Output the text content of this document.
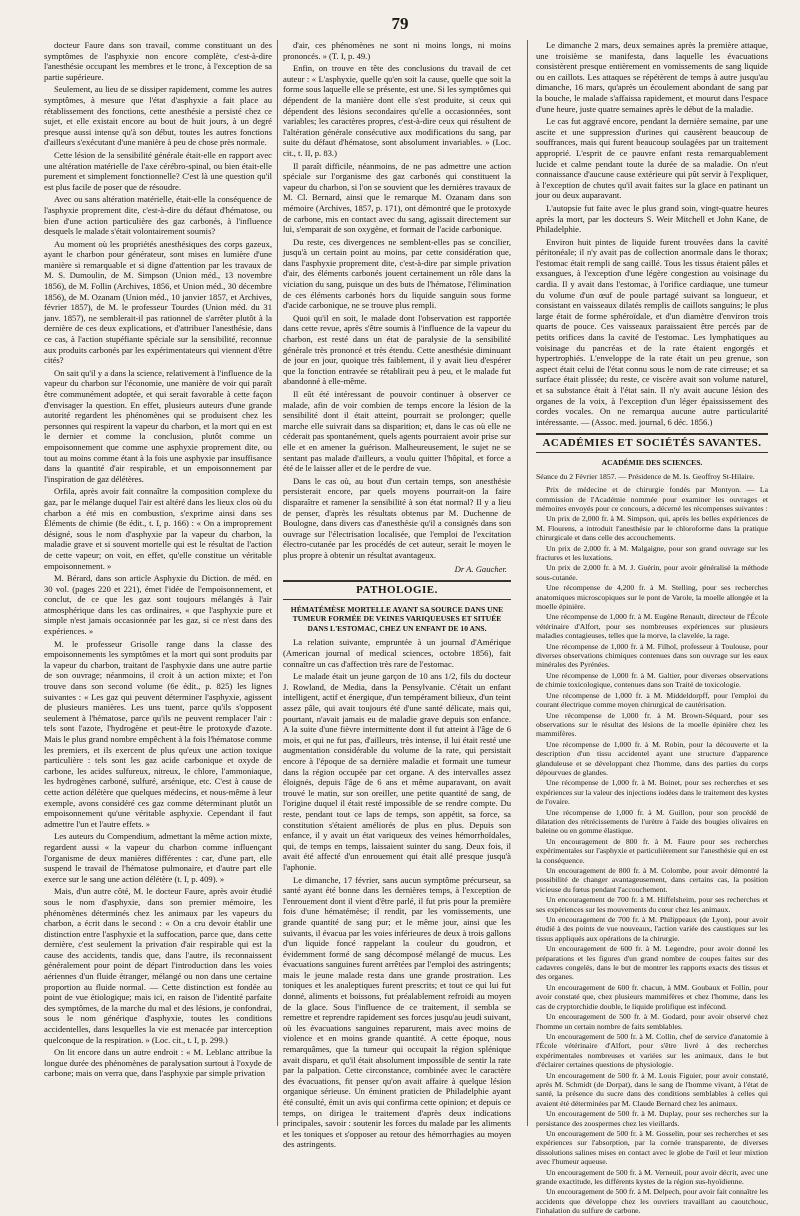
79

docteur Faure dans son travail, comme constituant un des symptômes de l'asphyxie non encore complète, c'est-à-dire l'anesthésie occupant les membres et le tronc, à l'exception de sa partie supérieure.

Seulement, au lieu de se dissiper rapidement, comme les autres symptômes, à mesure que l'état d'asphyxie a fait place au rétablissement des fonctions, cette anesthésie a persisté chez ce sujet, et elle existait encore au bout de huit jours, à un degré presque aussi intense qu'à son début, toutes les autres fonctions d'ailleurs s'exécutant d'une manière à peu de chose près normale.

Cette lésion de la sensibilité générale était-elle en rapport avec une altération matérielle de l'axe cérébro-spinal, ou bien était-elle purement et simplement fonctionnelle? C'est là une question qu'il est plus facile de poser que de résoudre.

Avec ou sans altération matérielle, était-elle la conséquence de l'asphyxie proprement dite, c'est-à-dire du défaut d'hématose, ou bien d'une action particulière des gaz carbonés, à l'influence desquels le malade s'était volontairement soumis?

Au moment où les propriétés anesthésiques des corps gazeux, ayant le charbon pour générateur, sont mises en lumière d'une manière si remarquable et si digne d'attention par les travaux de M. S. Dumoulin, de M. Simpson (Union méd., 13 novembre 1856), de M. Follin (Archives, 1856, et Union méd., 30 décembre 1856), de M. Ozanam (Union méd., 10 janvier 1857, et Archives, février 1857), de M. le professeur Tourdes (Union méd. du 31 janv. 1857), ne semblerait-il pas rationnel de s'arrêter plutôt à la dernière de ces deux explications, et d'attribuer l'anesthésie, dans ce cas, à l'action stupéfiante spéciale sur la sensibilité, reconnue aux produits carbonés par les expérimentateurs qui viennent d'être cités?

On sait qu'il y a dans la science, relativement à l'influence de la vapeur du charbon sur l'économie, une manière de voir qui paraît être communément adoptée, et qui serait favorable à cette façon d'envisager la question. En effet, plusieurs auteurs d'une grande autorité regardent les phénomènes qui se produisent chez les personnes qui respirent la vapeur du charbon, et la mort qui en est le dernier et comme la conclusion, plutôt comme un empoisonnement que comme une asphyxie proprement dite, ou tout au moins comme étant à la fois une asphyxie par insuffisance dans la quantité d'air respirable, et un empoisonnement par l'inspiration de gaz délétères.

Orfila, après avoir fait connaître la composition complexe du gaz, par le mélange duquel l'air est altéré dans les lieux clos où du charbon a été mis en combustion, s'exprime ainsi dans ses Éléments de chimie (8e édit., t. I, p. 166) : « On a improprement désigné, sous le nom d'asphyxie par la vapeur du charbon, la maladie grave et si souvent mortelle qui est le résultat de l'action de cette vapeur; on voit, en effet, qu'elle constitue un véritable empoisonnement. »

M. Bérard, dans son article Asphyxie du Diction. de méd. en 30 vol. (pages 220 et 221), émet l'idée de l'empoisonnement, et conclut, de ce que les gaz sont toujours mélangés à l'air atmosphérique dans les cas ordinaires, « que l'asphyxie pure et simple n'est jamais occasionnée par les gaz, si ce n'est dans des expériences. »

M. le professeur Grisolle range dans la classe des empoisonnements les symptômes et la mort qui sont produits par la vapeur du charbon, traitant de l'asphyxie dans une autre partie de son ouvrage; néanmoins, il croit à un action mixte; et l'on trouve dans son second volume (6e édit., p. 825) les lignes suivantes : « Les gaz qui peuvent déterminer l'asphyxie, agissent de plusieurs manières. Les uns tuent, parce qu'ils s'opposent seulement à l'hématose, parce qu'ils ne peuvent remplacer l'air : tels sont l'azote, l'hydrogène et peut-être le protoxyde d'azote. Mais le plus grand nombre empêchent à la fois l'hématose comme les premiers, et ils exercent de plus qu'eux une action toxique particulière : tels sont les gaz acide carbonique et oxyde de carbone, les acides sulfureux, nitreux, le chlore, l'ammoniaque, les hydrogènes carboné, sulfuré, arsénique, etc. C'est à cause de cette action délétère que quelques médecins, et nous-même à leur exemple, avons considéré ces gaz comme déterminant plutôt un empoisonnement qu'une véritable asphyxie. Cependant il faut admettre l'un et l'autre effets. »

Les auteurs du Compendium, admettant la même action mixte, regardent aussi « la vapeur du charbon comme influençant l'organisme de deux manières différentes : car, d'une part, elle suspend le travail de l'hématose pulmonaire, et d'autre part elle exerce sur le sang une action délétère (t. I, p. 409). »

Mais, d'un autre côté, M. le docteur Faure, après avoir étudié sous le nom d'asphyxie, dans son premier mémoire, les phénomènes déterminés chez les animaux par les vapeurs du charbon, a écrit dans le second : « On a cru devoir établir une distinction entre l'asphyxie et la suffocation, parce que, dans cette dernière, c'est seulement la privation d'air respirable qui est la cause des accidents, tandis que, dans l'autre, ils reconnaissent généralement pour point de départ l'introduction dans les voies aériennes d'un fluide étranger, mélangé ou non dans une certaine proportion au fluide normal. — Cette distinction est fondée au point de vue étiologique; mais ici, en raison de l'identité parfaite des symptômes, de la marche du mal et des lésions, je confondrai, sous le nom générique d'asphyxie, toutes les conditions accidentelles, dans lesquelles la vie est menacée par interception quelconque de la respiration. » (Loc. cit., t. I, p. 299.)

On lit encore dans un autre endroit : « M. Leblanc attribue la longue durée des phénomènes de paralysation surtout à l'oxyde de carbone; mais on verra que, dans l'asphyxie par simple privation

d'air, ces phénomènes ne sont ni moins longs, ni moins prononcés. » (T. I, p. 49.)

Enfin, on trouve en tête des conclusions du travail de cet auteur : « L'asphyxie, quelle qu'en soit la cause, quelle que soit la forme sous laquelle elle se présente, est une. Si les symptômes qui dépendent de la manière dont elle s'est produite, si ceux qui dépendent des lésions secondaires qu'elle a occasionnées, sont variables; les caractères propres, c'est-à-dire ceux qui résultent de l'altération générale consécutive aux modifications du sang, par suite du défaut d'hématose, sont absolument invariables. » (Loc. cit., t. II, p. 83.)

Il paraît difficile, néanmoins, de ne pas admettre une action spéciale sur l'organisme des gaz carbonés qui constituent la vapeur du charbon, si l'on se souvient que les dernières travaux de M. Cl. Bernard, ainsi que le remarque M. Ozanam dans son mémoire (Archives, 1857, p. 171), ont démontré que le protoxyde de carbone, mis en contact avec du sang, agissait directement sur lui, s'emparait de son oxygène, et formait de l'acide carbonique.

Du reste, ces divergences ne semblent-elles pas se concilier, jusqu'à un certain point au moins, par cette considération que, dans l'asphyxie proprement dite, c'est-à-dire par simple privation d'air, des éléments carbonés jouent certainement un rôle dans la viciation du sang, puisque un des buts de l'hématose, l'élimination de ces éléments carbonés hors du liquide sanguin sous forme d'acide carbonique, ne se trouve plus rempli.

Quoi qu'il en soit, le malade dont l'observation est rapportée dans cette revue, après s'être soumis à l'influence de la vapeur du charbon, est resté dans un état de paralysie de la sensibilité générale très prononcé et très étendu. Cette anesthésie diminuant de jour en jour, quoique très faiblement, il y avait lieu d'espérer que la fonction entravée se rétablirait peu à peu, et le malade fut abandonné à elle-même.

Il eût été intéressant de pouvoir continuer à observer ce malade, afin de voir combien de temps encore la lésion de la sensibilité dont il était atteint, pourrait se prolonger; quelle marche elle suivrait dans sa disparition; et, dans le cas où elle ne céderait pas spontanément, quels agents pourraient avoir prise sur elle et en amener la guérison. Malheureusement, le sujet ne se sentant pas malade d'ailleurs, a voulu quitter l'hôpital, et force a été de le laisser aller et de le perdre de vue.

Dans le cas où, au bout d'un certain temps, son anesthésie persisterait encore, par quels moyens pourrait-on la faire disparaître et ramener la sensibilité à son état normal? Il y a lieu de penser, d'après les résultats obtenus par M. Duchenne de Boulogne, dans divers cas d'anesthésie qu'il a consignés dans son ouvrage sur l'électrisation localisée, que l'emploi de l'excitation électro-cutanée par les procédés de cet auteur, serait le moyen le plus propre à obtenir un résultat avantageux.

Dr A. Gaucher.
PATHOLOGIE.
HÉMATÉMÈSE MORTELLE AYANT SA SOURCE DANS UNE TUMEUR FORMÉE DE VEINES VARIQUEUSES ET SITUÉE DANS L'ESTOMAC, CHEZ UN ENFANT DE 10 ANS.

La relation suivante, empruntée à un journal d'Amérique (American journal of medical sciences, octobre 1856), fait connaître un cas d'affection très rare de l'estomac.

Le malade était un jeune garçon de 10 ans 1/2, fils du docteur J. Rowland, de Media, dans la Pensylvanie. C'était un enfant intelligent, actif et énergique, d'un tempérament bilieux, d'un teint assez pâle, qui avait toujours été d'une santé délicate, mais qui, pourtant, n'avait jamais eu de maladie grave depuis son enfance. A la suite d'une fièvre intermittente dont il fut atteint à l'âge de 6 mois, et qui ne fut pas, d'ailleurs, très intense, il lui était resté une augmentation considérable du volume de la rate, qui persistait encore à l'époque de sa dernière maladie et formait une tumeur dans la région occupée par cet organe. A des intervalles assez éloignés, depuis l'âge de 6 ans et même auparavant, on avait trouvé le matin, sur son oreiller, une petite quantité de sang, de l'origine duquel il était resté impossible de se rendre compte. Du reste, pendant tout ce laps de temps, son appétit, sa force, sa constitution s'étaient améliorés de plus en plus. Depuis son enfance, il y avait un état variqueux des veines hémorrhoïdales, qui, de temps en temps, laissaient suinter du sang. Deux fois, il avait été affecté d'un enrouement qui était allé presque jusqu'à l'aphonie.

Le dimanche, 17 février, sans aucun symptôme précurseur, sa santé ayant été bonne dans les dernières temps, à l'exception de l'enrouement dont il vient d'être parlé, il fut pris pour la première fois d'une hématémèse; il rendit, par les vomissements, une grande quantité de sang pur; et le même jour, ainsi que les suivants, il évacua par les voies inférieures de deux à trois gallons d'un liquide foncé rappelant la couleur du goudron, et évidemment formé de sang décomposé mélangé de mucus. Les évacuations sanguines furent arrêtées par l'emploi des astringents; mais le jeune malade resta dans une grande prostration. Les toniques et les analeptiques furent prescrits; et tout ce qui lui fut donné, aliments et boissons, fut préalablement refroidi au moyen de la glace. Sous l'influence de ce traitement, il sembla se remettre et reprendre rapidement ses forces jusqu'au jeudi suivant, où les évacuations sanguines reparurent, mais avec moins de violence et en moins grande quantité. A cette époque, nous remarquâmes, que la tumeur qui occupait la région splénique avait disparu, et qu'il était absolument impossible de sentir la rate par la palpation. Cette circonstance, combinée avec le caractère des évacuations, fit penser qu'on avait affaire à quelque lésion organique sérieuse. Un éminent praticien de Philadelphie ayant été consulté, émit un avis qui confirma cette opinion; et depuis ce temps, on dirigea le traitement d'après deux indications principales, savoir : soutenir les forces du malade par les aliments et les toniques et s'opposer au retour des hémorrhagies au moyen des astringents.

Le dimanche 2 mars, deux semaines après la première attaque, une troisième se manifesta, dans laquelle les évacuations consistèrent presque entièrement en vomissements de sang liquide ou en caillots. Les attaques se répétèrent de temps à autre jusqu'au dimanche, 16 mars, qu'après un écoulement abondant de sang par la bouche, le malade s'affaissa rapidement, et mourut dans l'espace d'une heure, juste quatre semaines après le début de la maladie.

Le cas fut aggravé encore, pendant la dernière semaine, par une ascite et une suppression d'urines qui causèrent beaucoup de souffrances, mais qui furent beaucoup soulagées par un traitement approprié. L'esprit de ce pauvre enfant resta remarquablement lucide et calme pendant toute la durée de sa maladie. On n'eut connaissance d'aucune cause extérieure qui pût servir à l'expliquer, à l'exception de chutes qu'il avait faites sur la glace en patinant un jour ou deux auparavant.

L'autopsie fut faite avec le plus grand soin, vingt-quatre heures après la mort, par les docteurs S. Weir Mitchell et John Kane, de Philadelphie.

Environ huit pintes de liquide furent trouvées dans la cavité péritonéale; il n'y avait pas de collection anormale dans le thorax; l'estomac était rempli de sang caillé. Tous les tissus étaient pâles et exsangues, à l'exception d'une légère congestion au voisinage du cardia. Il y avait dans l'estomac, à l'orifice cardiaque, une tumeur du volume d'un œuf de poule partagé suivant sa longueur, et consistant en vaisseaux dilatés remplis de caillots sanguins; le plus large était de forme sphéroïdale, et d'un diamètre d'environ trois quarts de pouce. Ces vaisseaux paraissaient être percés par de petits orifices dans la cavité de l'estomac. Les lymphatiques au voisinage du pancréas et de la rate étaient engorgés et hypertrophiés. L'enveloppe de la rate était un peu grenue, son aspect était celui de l'état connu sous le nom de rate cirreuse; et sa surface était plissée; du reste, ce viscère avait son volume naturel, et sa substance était à l'état sain. Il n'y avait aucune lésion des organes de la voix, à l'exception d'un léger épaississement des cordes vocales. On ne remarqua aucune autre particularité intéressante. — (Assoc. med. journal, 6 déc. 1856.)

ACADÉMIES ET SOCIÉTÉS SAVANTES.
ACADÉMIE DES SCIENCES.
Séance du 2 Février 1857. — Présidence de M. Is. Geoffroy St-Hilaire.

Prix de médecine et de chirurgie fondés par Montyon. — La commission de l'Académie nommée pour examiner les ouvrages et mémoires envoyés pour ce concours, a décerné les récompenses suivantes :

Un prix de 2,000 fr. à M. Simpson, qui, après les belles expériences de M. Flourens, a introduit l'anesthésie par le chloroforme dans la pratique chirurgicale et dans celle des accouchements.

Un prix de 2,000 fr. à M. Malgaigne, pour son grand ouvrage sur les fractures et les luxations.

Un prix de 2,000 fr. à M. J. Guérin, pour avoir généralisé la méthode sous-cutanée.

Une récompense de 4,200 fr. à M. Stelling, pour ses recherches anatomiques microscopiques sur le pont de Varole, la moelle allongée et la moelle épinière.

Une récompense de 1,000 fr. à M. Eugène Renault, directeur de l'École vétérinaire d'Alfort, pour ses nombreuses expériences sur plusieurs maladies contagieuses, telles que la morve, la clavelée, la rage.

Une récompense de 1,000 fr. à M. Filhol, professeur à Toulouse, pour diverses observations chimiques contenues dans son ouvrage sur les eaux minérales des Pyrénées.

Une récompense de 1,000 fr. à M. Galtier, pour diverses observations de chimie toxicologique, contenues dans son Traité de toxicologie.

Une récompense de 1,000 fr. à M. Middeldorpff, pour l'emploi du courant électrique comme moyen chirurgical de cautérisation.

Une récompense de 1,000 fr. à M. Brown-Séquard, pour ses observations sur le résultat des lésions de la moelle épinière chez les mammifères.

Une récompense de 1,000 fr. à M. Robin, pour la découverte et la description d'un tissu accidentel ayant une structure d'apparence glanduleuse et se développant chez l'homme, dans des parties du corps dépourvues de glandes.

Une récompense de 1,000 fr. à M. Boinet, pour ses recherches et ses expériences sur la valeur des injections iodées dans le traitement des kystes de l'ovaire.

Une récompense de 1,000 fr. à M. Guillon, pour son procédé de dilatation des rétrécissements de l'urètre à l'aide des bougies olivaires en baleine ou en gomme élastique.

Un encouragement de 800 fr. à M. Faure pour ses recherches expérimentales sur l'asphyxie et particulièrement sur l'anesthésie qui en est la conséquence.

Un encouragement de 800 fr. à M. Colombe, pour avoir démontré la possibilité de changer avantageusement, dans certains cas, la position vicieuse du fœtus pendant l'accouchement.

Un encouragement de 700 fr. à M. Hiffelsheim, pour ses recherches et ses expériences sur les mouvements du cœur chez les animaux.

Un encouragement de 700 fr. à M. Philippeaux (de Lyon), pour avoir étudié à des points de vue nouveaux, l'action variée des caustiques sur les tissus appliqués aux opérations de la chirurgie.

Un encouragement de 600 fr. à M. Legendre, pour avoir donné les préparations et les figures d'un grand nombre de coupes faites sur des cadavres congelés, dans le but de montrer les rapports exacts des tissus et des organes.

Un encouragement de 600 fr. chacun, à MM. Goubaux et Follin, pour avoir constaté que, chez plusieurs mammifères et chez l'homme, dans les cas de cryptorchidie double, le liquide prolifique est infécond.

Un encouragement de 500 fr. à M. Godard, pour avoir observé chez l'homme un certain nombre de faits semblables.

Un encouragement de 500 fr. à M. Collin, chef de service d'anatomie à l'École vétérinaire d'Alfort, pour s'être livré à des recherches expérimentales nombreuses et variées sur les animaux, dans le but d'éclairer certaines questions de physiologie.

Un encouragement de 500 fr. à M. Louis Figuier, pour avoir constaté, après M. Schmidt (de Dorpat), dans le sang de l'homme vivant, à l'état de santé, la présence du sucre dans des conditions semblables à celles qui avaient été déterminées par M. Claude Bernard chez les animaux.

Un encouragement de 500 fr. à M. Duplay, pour ses recherches sur la persistance des zoospermes chez les vieillards.

Un encouragement de 500 fr. à M. Gosselin, pour ses recherches et ses expériences sur l'absorption, par la cornée transparente, de diverses dissolutions salines mises en contact avec le globe de l'œil et leur mixtion avec l'humeur aqueuse.

Un encouragement de 500 fr. à M. Verneuil, pour avoir décrit, avec une grande exactitude, les différents kystes de la région sus-hyoïdienne.

Un encouragement de 500 fr. à M. Delpech, pour avoir fait connaître les accidents que développe chez les ouvriers travaillant au caoutchouc, l'inhalation du sulfure de carbone.
